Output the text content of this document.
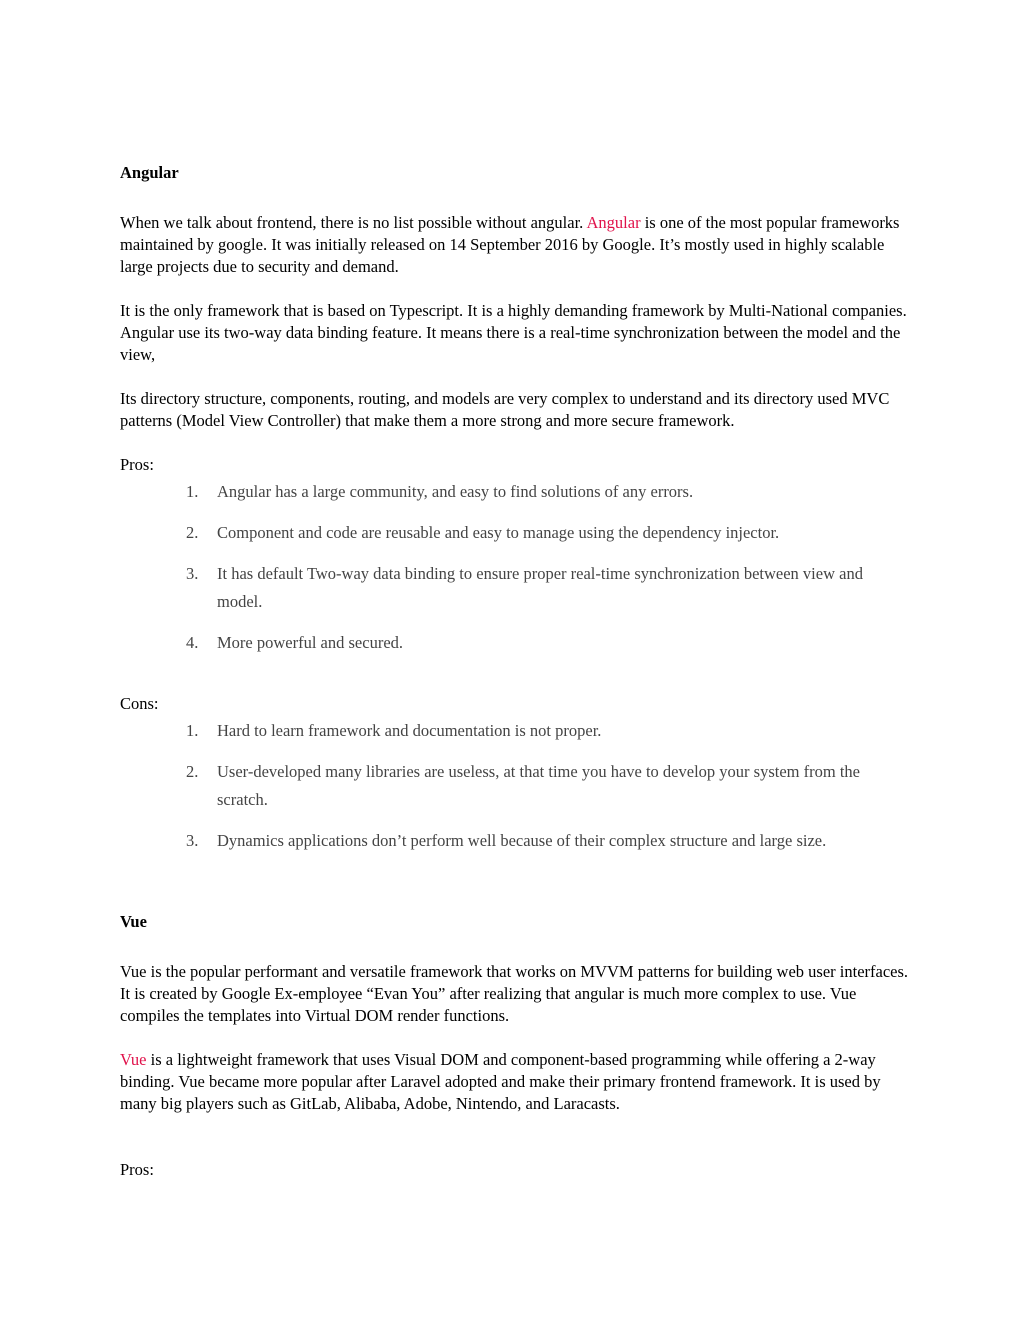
Angular

When we talk about frontend, there is no list possible without angular. Angular is one of the most popular frameworks maintained by google. It was initially released on 14 September 2016 by Google. It’s mostly used in highly scalable large projects due to security and demand.

It is the only framework that is based on Typescript. It is a highly demanding framework by Multi-National companies. Angular use its two-way data binding feature. It means there is a real-time synchronization between the model and the view,

Its directory structure, components, routing, and models are very complex to understand and its directory used MVC patterns (Model View Controller) that make them a more strong and more secure framework.

Pros:

1.	Angular has a large community, and easy to find solutions of any errors.
2.	Component and code are reusable and easy to manage using the dependency injector.
3.	It has default Two-way data binding to ensure proper real-time synchronization between view and model.
4.	More powerful and secured.

Cons:

1.	Hard to learn framework and documentation is not proper.
2.	User-developed many libraries are useless, at that time you have to develop your system from the scratch.
3.	Dynamics applications don’t perform well because of their complex structure and large size.

Vue

Vue is the popular performant and versatile framework that works on MVVM patterns for building web user interfaces. It is created by Google Ex-employee “Evan You” after realizing that angular is much more complex to use. Vue compiles the templates into Virtual DOM render functions.

Vue is a lightweight framework that uses Visual DOM and component-based programming while offering a 2-way binding. Vue became more popular after Laravel adopted and make their primary frontend framework. It is used by many big players such as GitLab, Alibaba, Adobe, Nintendo, and Laracasts.

Pros:
